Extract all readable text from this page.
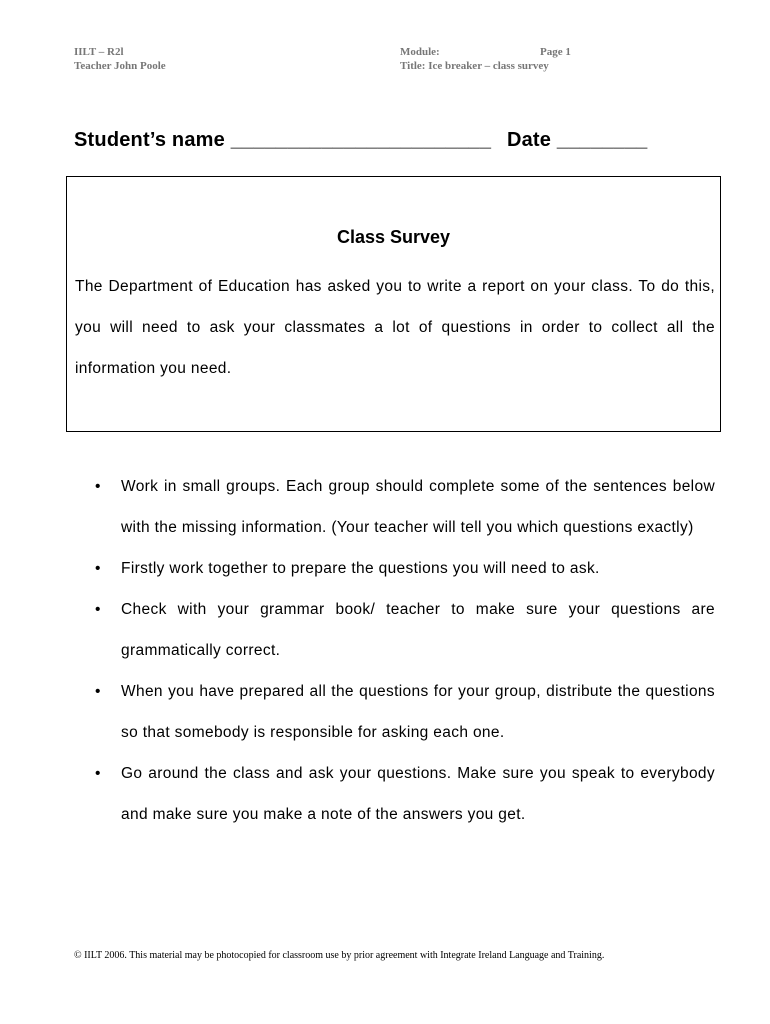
IILT – R2l
Teacher John Poole
Module:	Page 1
Title: Ice breaker – class survey
Student’s name _______________________ Date ________
Class Survey
The Department of Education has asked you to write a report on your class. To do this, you will need to ask your classmates a lot of questions in order to collect all the information you need.
• Work in small groups. Each group should complete some of the sentences below with the missing information. (Your teacher will tell you which questions exactly)
• Firstly work together to prepare the questions you will need to ask.
• Check with your grammar book/ teacher to make sure your questions are grammatically correct.
• When you have prepared all the questions for your group, distribute the questions so that somebody is responsible for asking each one.
• Go around the class and ask your questions. Make sure you speak to everybody and make sure you make a note of the answers you get.
© IILT 2006. This material may be photocopied for classroom use by prior agreement with Integrate Ireland Language and Training.
